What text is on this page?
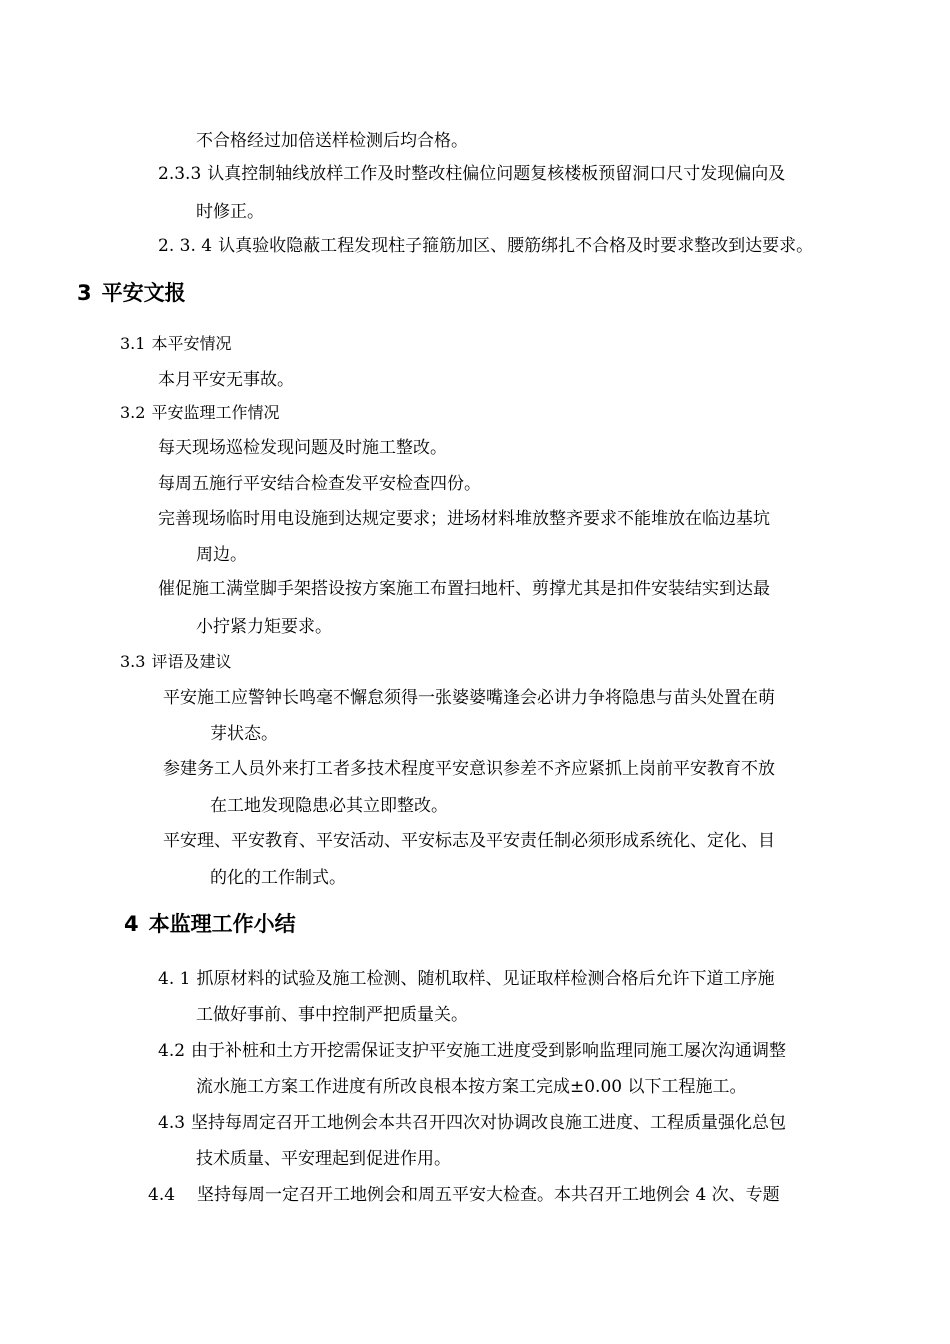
不合格经过加倍送样检测后均合格。
2.3.3 认真控制轴线放样工作及时整改柱偏位问题复核楼板预留洞口尺寸发现偏向及
时修正。
2. 3. 4 认真验收隐蔽工程发现柱子箍筋加区、腰筋绑扎不合格及时要求整改到达要求。
3 平安文报
3.1 本平安情况
本月平安无事故。
3.2 平安监理工作情况
每天现场巡检发现问题及时施工整改。
每周五施行平安结合检查发平安检查四份。
完善现场临时用电设施到达规定要求；进场材料堆放整齐要求不能堆放在临边基坑
周边。
催促施工满堂脚手架搭设按方案施工布置扫地杆、剪撑尤其是扣件安装结实到达最
小拧紧力矩要求。
3.3 评语及建议
平安施工应警钟长鸣毫不懈怠须得一张婆婆嘴逢会必讲力争将隐患与苗头处置在萌
芽状态。
参建务工人员外来打工者多技术程度平安意识参差不齐应紧抓上岗前平安教育不放
在工地发现隐患必其立即整改。
平安理、平安教育、平安活动、平安标志及平安责任制必须形成系统化、定化、目
的化的工作制式。
4 本监理工作小结
4. 1 抓原材料的试验及施工检测、随机取样、见证取样检测合格后允许下道工序施
工做好事前、事中控制严把质量关。
4.2 由于补桩和土方开挖需保证支护平安施工进度受到影响监理同施工屡次沟通调整
流水施工方案工作进度有所改良根本按方案工完成±0.00 以下工程施工。
4.3 坚持每周定召开工地例会本共召开四次对协调改良施工进度、工程质量强化总包
技术质量、平安理起到促进作用。
4.4 坚持每周一定召开工地例会和周五平安大检查。本共召开工地例会 4 次、专题
